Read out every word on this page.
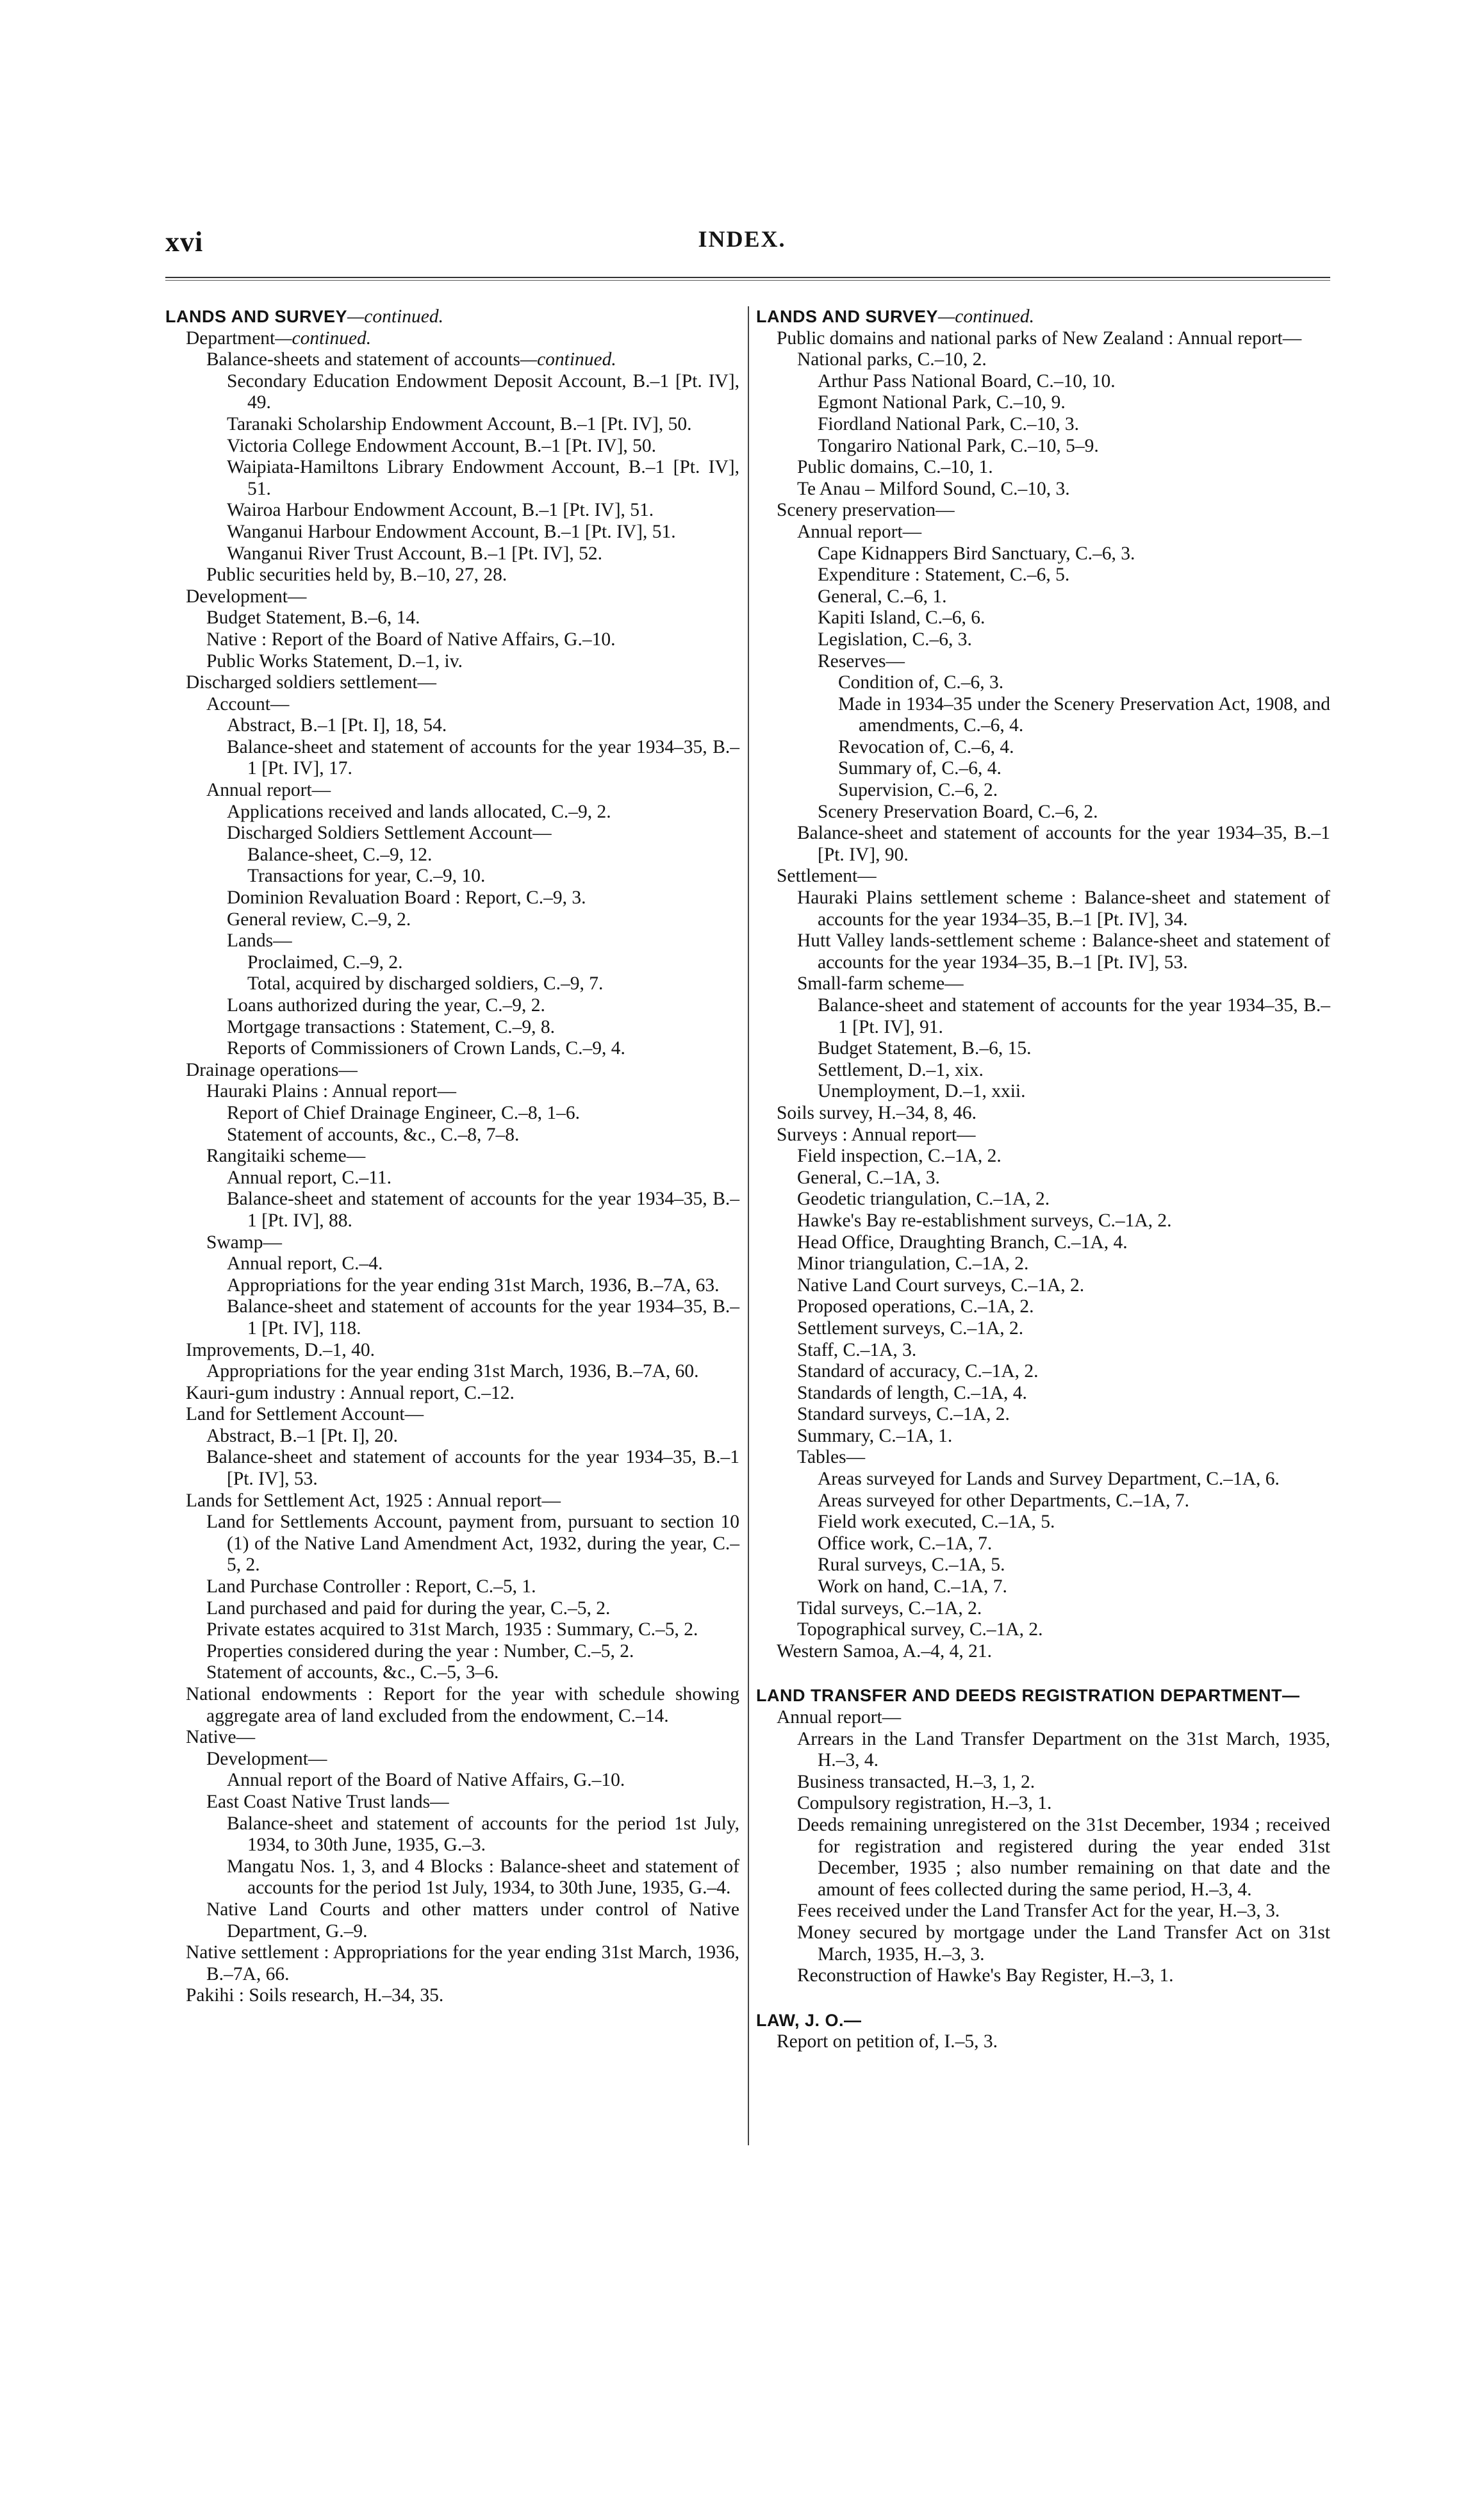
xvi	INDEX.
LANDS AND SURVEY—continued.
Department—continued.
Balance-sheets and statement of accounts—continued.
Secondary Education Endowment Deposit Account, B.–1 [Pt. IV], 49.
Taranaki Scholarship Endowment Account, B.–1 [Pt. IV], 50.
Victoria College Endowment Account, B.–1 [Pt. IV], 50.
Waipiata-Hamiltons Library Endowment Account, B.–1 [Pt. IV], 51.
Wairoa Harbour Endowment Account, B.–1 [Pt. IV], 51.
Wanganui Harbour Endowment Account, B.–1 [Pt. IV], 51.
Wanganui River Trust Account, B.–1 [Pt. IV], 52.
Public securities held by, B.–10, 27, 28.
Development—
Budget Statement, B.–6, 14.
Native : Report of the Board of Native Affairs, G.–10.
Public Works Statement, D.–1, iv.
Discharged soldiers settlement—
Account—
Abstract, B.–1 [Pt. I], 18, 54.
Balance-sheet and statement of accounts for the year 1934–35, B.–1 [Pt. IV], 17.
Annual report—
Applications received and lands allocated, C.–9, 2.
Discharged Soldiers Settlement Account—
Balance-sheet, C.–9, 12.
Transactions for year, C.–9, 10.
Dominion Revaluation Board : Report, C.–9, 3.
General review, C.–9, 2.
Lands—
Proclaimed, C.–9, 2.
Total, acquired by discharged soldiers, C.–9, 7.
Loans authorized during the year, C.–9, 2.
Mortgage transactions : Statement, C.–9, 8.
Reports of Commissioners of Crown Lands, C.–9, 4.
Drainage operations—
Hauraki Plains : Annual report—
Report of Chief Drainage Engineer, C.–8, 1–6.
Statement of accounts, &c., C.–8, 7–8.
Rangitaiki scheme—
Annual report, C.–11.
Balance-sheet and statement of accounts for the year 1934–35, B.–1 [Pt. IV], 88.
Swamp—
Annual report, C.–4.
Appropriations for the year ending 31st March, 1936, B.–7A, 63.
Balance-sheet and statement of accounts for the year 1934–35, B.–1 [Pt. IV], 118.
Improvements, D.–1, 40.
Appropriations for the year ending 31st March, 1936, B.–7A, 60.
Kauri-gum industry : Annual report, C.–12.
Land for Settlement Account—
Abstract, B.–1 [Pt. I], 20.
Balance-sheet and statement of accounts for the year 1934–35, B.–1 [Pt. IV], 53.
Lands for Settlement Act, 1925 : Annual report—
Land for Settlements Account, payment from, pursuant to section 10 (1) of the Native Land Amendment Act, 1932, during the year, C.–5, 2.
Land Purchase Controller : Report, C.–5, 1.
Land purchased and paid for during the year, C.–5, 2.
Private estates acquired to 31st March, 1935 : Summary, C.–5, 2.
Properties considered during the year : Number, C.–5, 2.
Statement of accounts, &c., C.–5, 3–6.
National endowments : Report for the year with schedule showing aggregate area of land excluded from the endowment, C.–14.
Native—
Development—
Annual report of the Board of Native Affairs, G.–10.
East Coast Native Trust lands—
Balance-sheet and statement of accounts for the period 1st July, 1934, to 30th June, 1935, G.–3.
Mangatu Nos. 1, 3, and 4 Blocks : Balance-sheet and statement of accounts for the period 1st July, 1934, to 30th June, 1935, G.–4.
Native Land Courts and other matters under control of Native Department, G.–9.
Native settlement : Appropriations for the year ending 31st March, 1936, B.–7A, 66.
Pakihi : Soils research, H.–34, 35.
LANDS AND SURVEY—continued.
Public domains and national parks of New Zealand : Annual report—
National parks, C.–10, 2.
Arthur Pass National Board, C.–10, 10.
Egmont National Park, C.–10, 9.
Fiordland National Park, C.–10, 3.
Tongariro National Park, C.–10, 5–9.
Public domains, C.–10, 1.
Te Anau – Milford Sound, C.–10, 3.
Scenery preservation—
Annual report—
Cape Kidnappers Bird Sanctuary, C.–6, 3.
Expenditure : Statement, C.–6, 5.
General, C.–6, 1.
Kapiti Island, C.–6, 6.
Legislation, C.–6, 3.
Reserves—
Condition of, C.–6, 3.
Made in 1934–35 under the Scenery Preservation Act, 1908, and amendments, C.–6, 4.
Revocation of, C.–6, 4.
Summary of, C.–6, 4.
Supervision, C.–6, 2.
Scenery Preservation Board, C.–6, 2.
Balance-sheet and statement of accounts for the year 1934–35, B.–1 [Pt. IV], 90.
Settlement—
Hauraki Plains settlement scheme : Balance-sheet and statement of accounts for the year 1934–35, B.–1 [Pt. IV], 34.
Hutt Valley lands-settlement scheme : Balance-sheet and statement of accounts for the year 1934–35, B.–1 [Pt. IV], 53.
Small-farm scheme—
Balance-sheet and statement of accounts for the year 1934–35, B.–1 [Pt. IV], 91.
Budget Statement, B.–6, 15.
Settlement, D.–1, xix.
Unemployment, D.–1, xxii.
Soils survey, H.–34, 8, 46.
Surveys : Annual report—
Field inspection, C.–1A, 2.
General, C.–1A, 3.
Geodetic triangulation, C.–1A, 2.
Hawke's Bay re-establishment surveys, C.–1A, 2.
Head Office, Draughting Branch, C.–1A, 4.
Minor triangulation, C.–1A, 2.
Native Land Court surveys, C.–1A, 2.
Proposed operations, C.–1A, 2.
Settlement surveys, C.–1A, 2.
Staff, C.–1A, 3.
Standard of accuracy, C.–1A, 2.
Standards of length, C.–1A, 4.
Standard surveys, C.–1A, 2.
Summary, C.–1A, 1.
Tables—
Areas surveyed for Lands and Survey Department, C.–1A, 6.
Areas surveyed for other Departments, C.–1A, 7.
Field work executed, C.–1A, 5.
Office work, C.–1A, 7.
Rural surveys, C.–1A, 5.
Work on hand, C.–1A, 7.
Tidal surveys, C.–1A, 2.
Topographical survey, C.–1A, 2.
Western Samoa, A.–4, 4, 21.
LAND TRANSFER AND DEEDS REGISTRATION DEPARTMENT—
Annual report—
Arrears in the Land Transfer Department on the 31st March, 1935, H.–3, 4.
Business transacted, H.–3, 1, 2.
Compulsory registration, H.–3, 1.
Deeds remaining unregistered on the 31st December, 1934 ; received for registration and registered during the year ended 31st December, 1935 ; also number remaining on that date and the amount of fees collected during the same period, H.–3, 4.
Fees received under the Land Transfer Act for the year, H.–3, 3.
Money secured by mortgage under the Land Transfer Act on 31st March, 1935, H.–3, 3.
Reconstruction of Hawke's Bay Register, H.–3, 1.
LAW, J. O.—
Report on petition of, I.–5, 3.
